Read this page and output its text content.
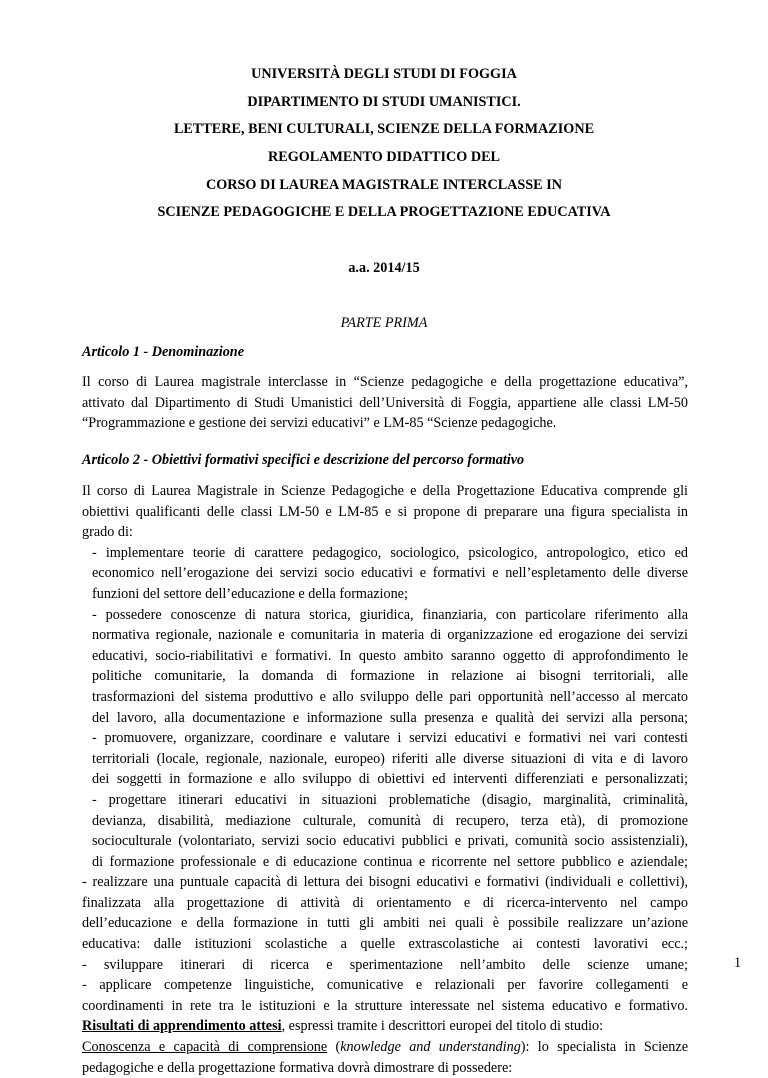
UNIVERSITÀ DEGLI STUDI DI FOGGIA
DIPARTIMENTO DI STUDI UMANISTICI.
LETTERE, BENI CULTURALI, SCIENZE DELLA FORMAZIONE
REGOLAMENTO DIDATTICO DEL
CORSO DI LAUREA MAGISTRALE INTERCLASSE IN
SCIENZE PEDAGOGICHE E DELLA PROGETTAZIONE EDUCATIVA
a.a. 2014/15
PARTE PRIMA
Articolo 1 - Denominazione
Il corso di Laurea magistrale interclasse in “Scienze pedagogiche e della progettazione educativa”,
attivato dal Dipartimento di Studi Umanistici dell’Università di Foggia, appartiene alle classi LM-50
“Programmazione e gestione dei servizi educativi” e LM-85 “Scienze pedagogiche.
Articolo 2 - Obiettivi formativi specifici e descrizione del percorso formativo
Il corso di Laurea Magistrale in Scienze Pedagogiche e della Progettazione Educativa comprende gli
obiettivi qualificanti delle classi LM-50 e LM-85 e si propone di preparare una figura specialista in
grado di:
- implementare teorie di carattere pedagogico, sociologico, psicologico, antropologico, etico ed
economico nell’erogazione dei servizi socio educativi e formativi e nell’espletamento delle diverse
funzioni del settore dell’educazione e della formazione;
- possedere conoscenze di natura storica, giuridica, finanziaria, con particolare riferimento alla
normativa regionale, nazionale e comunitaria in materia di organizzazione ed erogazione dei servizi
educativi, socio-riabilitativi e formativi. In questo ambito saranno oggetto di approfondimento le
politiche comunitarie, la domanda di formazione in relazione ai bisogni territoriali, alle
trasformazioni del sistema produttivo e allo sviluppo delle pari opportunità nell’accesso al mercato
del lavoro, alla documentazione e informazione sulla presenza e qualità dei servizi alla persona;
- promuovere, organizzare, coordinare e valutare i servizi educativi e formativi nei vari contesti
territoriali (locale, regionale, nazionale, europeo) riferiti alle diverse situazioni di vita e di lavoro
dei soggetti in formazione e allo sviluppo di obiettivi ed interventi differenziati e personalizzati;
- progettare itinerari educativi in situazioni problematiche (disagio, marginalità, criminalità,
devianza, disabilità, mediazione culturale, comunità di recupero, terza età), di promozione
socioculturale (volontariato, servizi socio educativi pubblici e privati, comunità socio assistenziali),
di formazione professionale e di educazione continua e ricorrente nel settore pubblico e aziendale;
- realizzare una puntuale capacità di lettura dei bisogni educativi e formativi (individuali e collettivi),
finalizzata alla progettazione di attività di orientamento e di ricerca-intervento nel campo
dell’educazione e della formazione in tutti gli ambiti nei quali è possibile realizzare un’azione
educativa: dalle istituzioni scolastiche a quelle extrascolastiche ai contesti lavorativi ecc.;
- sviluppare itinerari di ricerca e sperimentazione nell’ambito delle scienze umane;
- applicare competenze linguistiche, comunicative e relazionali per favorire collegamenti e
coordinamenti in rete tra le istituzioni e la strutture interessate nel sistema educativo e formativo.
Risultati di apprendimento attesi, espressi tramite i descrittori europei del titolo di studio:
Conoscenza e capacità di comprensione (knowledge and understanding): lo specialista in Scienze
pedagogiche e della progettazione formativa dovrà dimostrare di possedere:
1
